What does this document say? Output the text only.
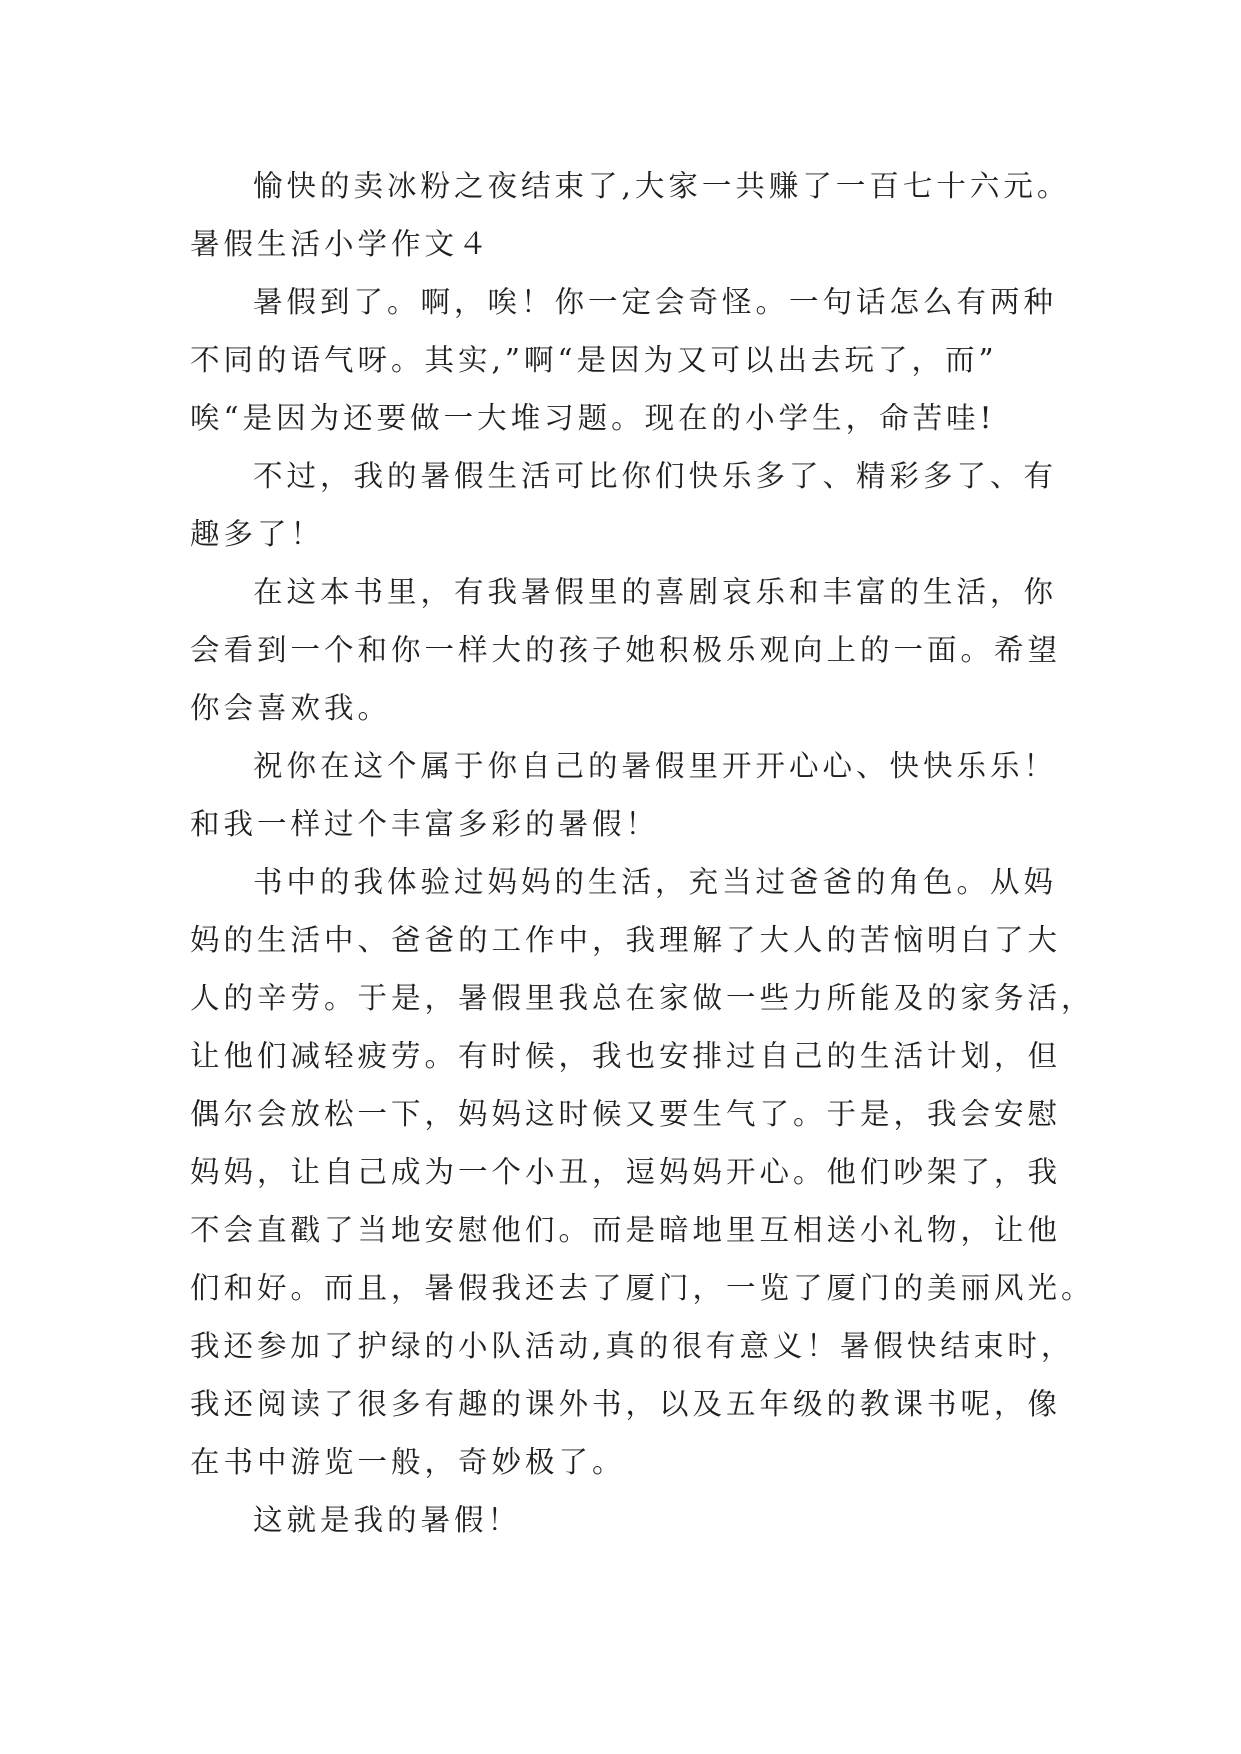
愉快的卖冰粉之夜结束了,大家一共赚了一百七十六元。
暑假生活小学作文４
暑假到了。啊，唉！你一定会奇怪。一句话怎么有两种
不同的语气呀。其实,”啊“是因为又可以出去玩了，而”
唉“是因为还要做一大堆习题。现在的小学生，命苦哇!
不过，我的暑假生活可比你们快乐多了、精彩多了、有
趣多了！
在这本书里，有我暑假里的喜剧哀乐和丰富的生活，你
会看到一个和你一样大的孩子她积极乐观向上的一面。希望
你会喜欢我。
祝你在这个属于你自己的暑假里开开心心、快快乐乐！
和我一样过个丰富多彩的暑假！
书中的我体验过妈妈的生活，充当过爸爸的角色。从妈
妈的生活中、爸爸的工作中，我理解了大人的苦恼明白了大
人的辛劳。于是，暑假里我总在家做一些力所能及的家务活，
让他们减轻疲劳。有时候，我也安排过自己的生活计划，但
偶尔会放松一下，妈妈这时候又要生气了。于是，我会安慰
妈妈，让自己成为一个小丑，逗妈妈开心。他们吵架了，我
不会直戳了当地安慰他们。而是暗地里互相送小礼物，让他
们和好。而且，暑假我还去了厦门，一览了厦门的美丽风光。
我还参加了护绿的小队活动,真的很有意义！暑假快结束时，
我还阅读了很多有趣的课外书，以及五年级的教课书呢，像
在书中游览一般，奇妙极了。
这就是我的暑假！
